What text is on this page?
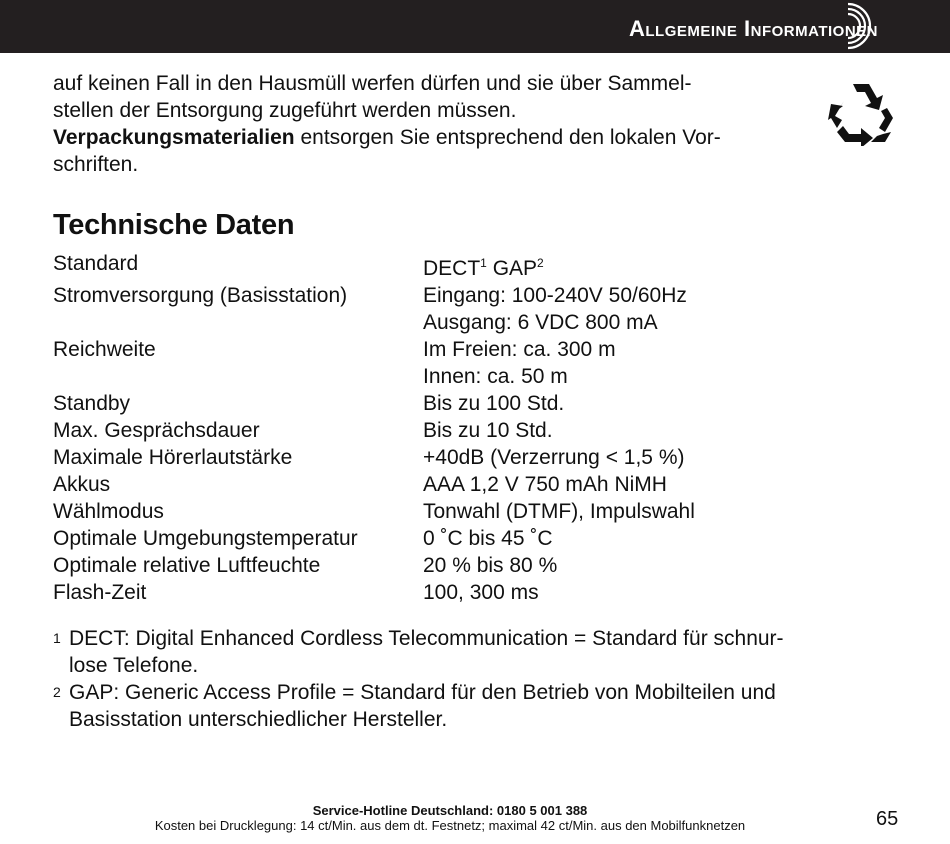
Allgemeine Informationen

auf keinen Fall in den Hausmüll werfen dürfen und sie über Sammel-
stellen der Entsorgung zugeführt werden müssen.
Verpackungsmaterialien entsorgen Sie entsprechend den lokalen Vor-
schriften.

Technische Daten
Standard	DECT$^1$ GAP$^2$
Stromversorgung (Basisstation)	Eingang: 100-240V 50/60Hz
Ausgang: 6 VDC 800 mA
Reichweite	Im Freien: ca. 300 m
Innen: ca. 50 m
Standby	Bis zu 100 Std.
Max. Gesprächsdauer	Bis zu 10 Std.
Maximale Hörerlautstärke	+40dB (Verzerrung < 1,5 %)
Akkus	AAA 1,2 V 750 mAh NiMH
Wählmodus	Tonwahl (DTMF), Impulswahl
Optimale Umgebungstemperatur	0 ˚C bis 45 ˚C
Optimale relative Luftfeuchte	20 % bis 80 %
Flash-Zeit	100, 300 ms
1 DECT: Digital Enhanced Cordless Telecommunication = Standard für schnur-
lose Telefone.
2 GAP: Generic Access Profile = Standard für den Betrieb von Mobilteilen und
Basisstation unterschiedlicher Hersteller.
Service-Hotline Deutschland: 0180 5 001 388
Kosten bei Drucklegung: 14 ct/Min. aus dem dt. Festnetz; maximal 42 ct/Min. aus den Mobilfunknetzen	65
